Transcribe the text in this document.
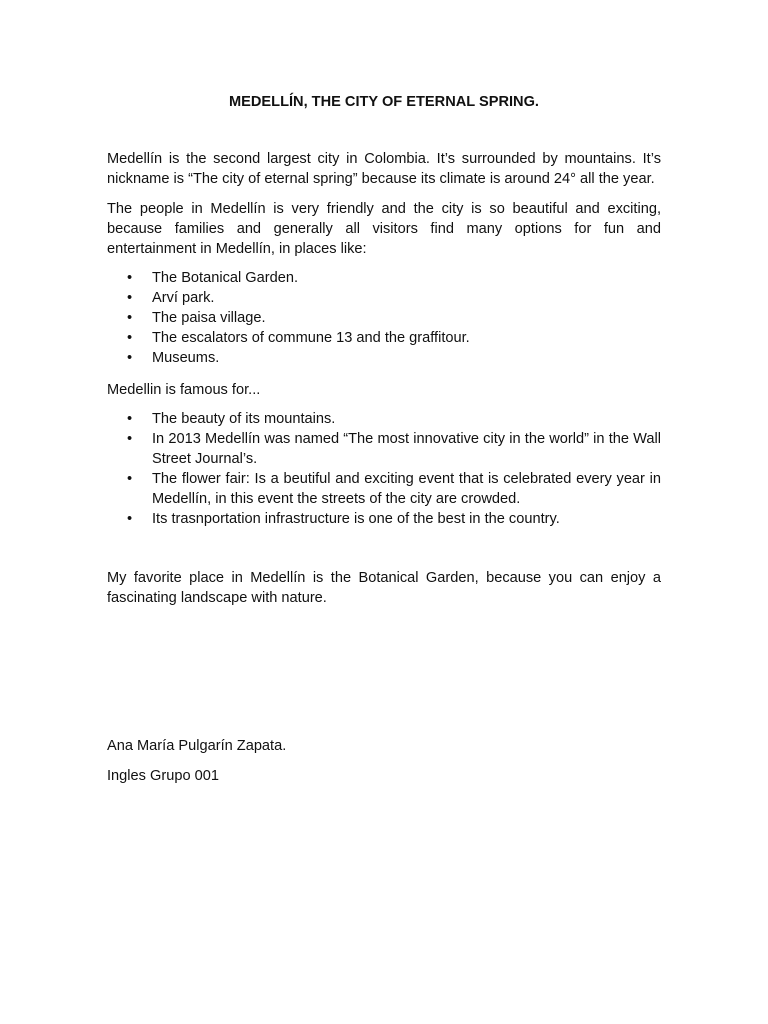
MEDELLÍN, THE CITY OF ETERNAL SPRING.

Medellín is the second largest city in Colombia. It’s surrounded by mountains. It’s nickname is “The city of eternal spring” because its climate is around 24° all the year.

The people in Medellín is very friendly and the city is so beautiful and exciting, because families and generally all visitors find many options for fun and entertainment in Medellín, in places like:

•	The Botanical Garden.
•	Arví park.
•	The paisa village.
•	The escalators of commune 13 and the graffitour.
•	Museums.

Medellin is famous for...

•	The beauty of its mountains.
•	In 2013 Medellín was named “The most innovative city in the world” in the Wall Street Journal’s.
•	The flower fair: Is a beutiful and exciting event that is celebrated every year in Medellín, in this event the streets of the city are crowded.
•	Its trasnportation infrastructure is one of the best in the country.

My favorite place in Medellín is the Botanical Garden, because you can enjoy a fascinating landscape with nature.

Ana María Pulgarín Zapata.

Ingles Grupo 001
